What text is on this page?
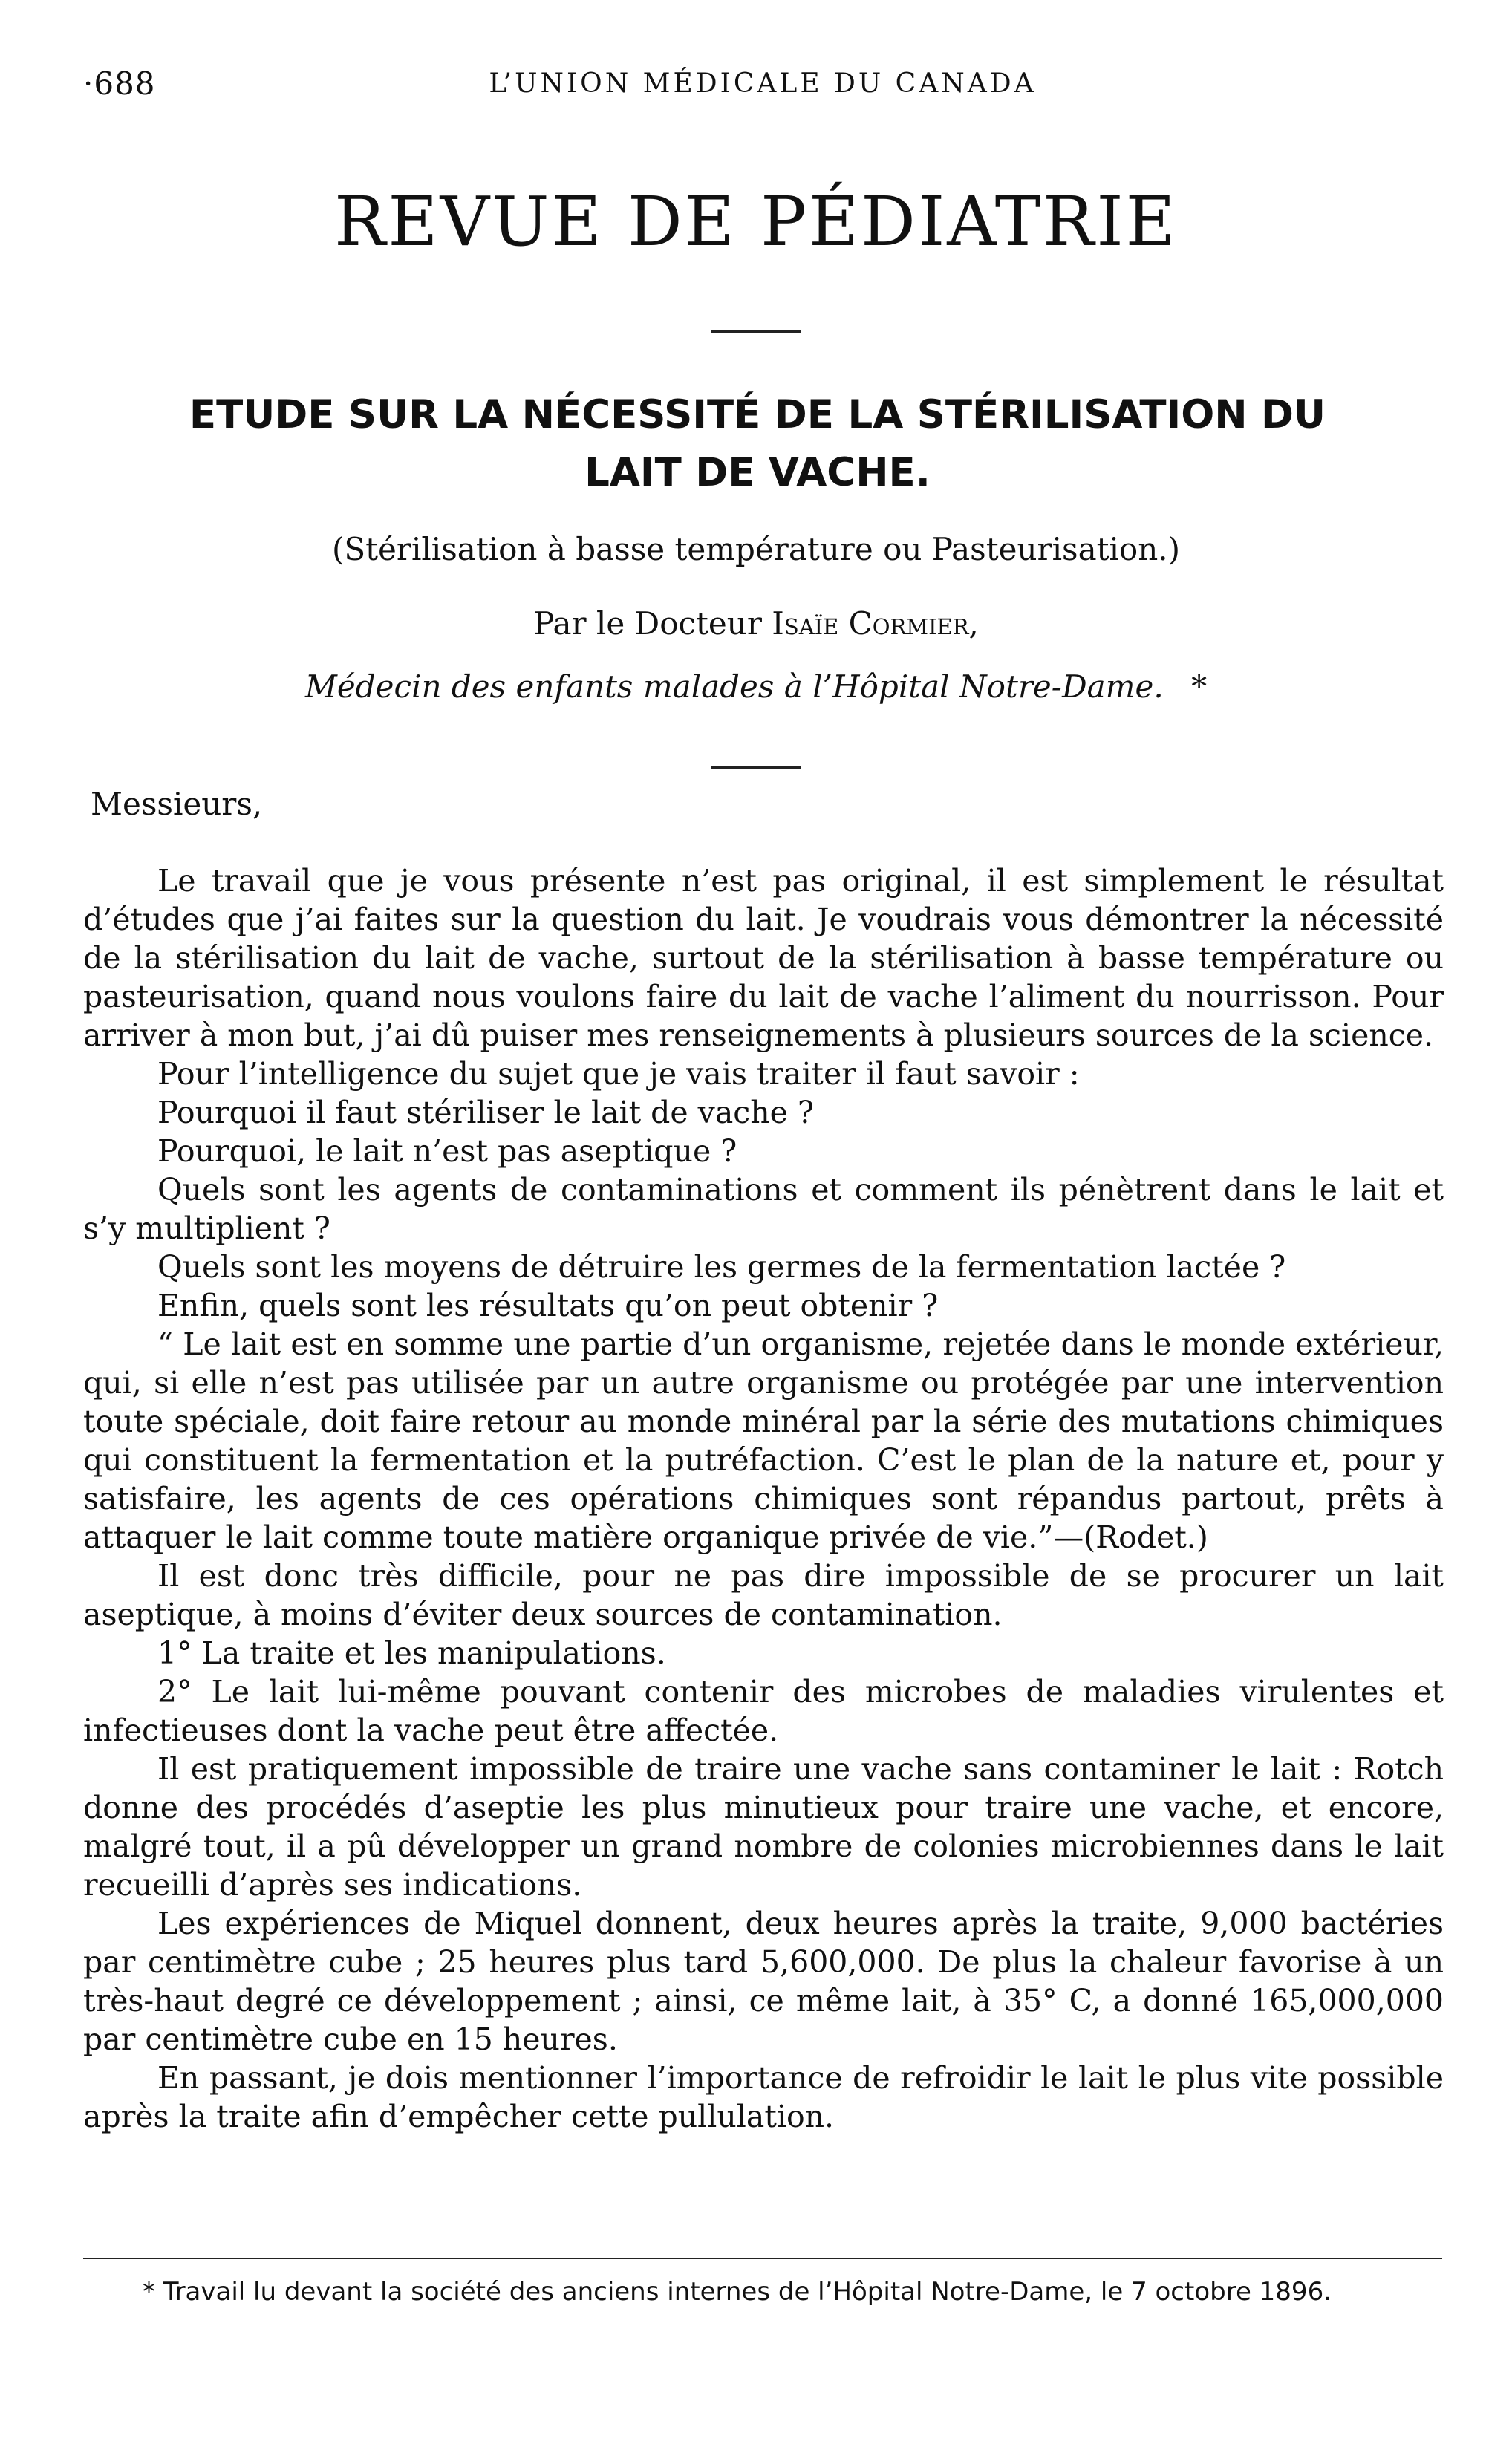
·688	L’UNION MÉDICALE DU CANADA
REVUE DE PÉDIATRIE
ETUDE SUR LA NÉCESSITÉ DE LA STÉRILISATION DU LAIT DE VACHE.
(Stérilisation à basse température ou Pasteurisation.)
Par le Docteur Isaïe Cormier,
Médecin des enfants malades à l’Hôpital Notre-Dame. *
Messieurs,

Le travail que je vous présente n’est pas original, il est simplement le résultat d’études que j’ai faites sur la question du lait. Je voudrais vous démontrer la nécessité de la stérilisation du lait de vache, surtout de la stérilisation à basse température ou pasteurisation, quand nous voulons faire du lait de vache l’aliment du nourrisson. Pour arriver à mon but, j’ai dû puiser mes renseignements à plusieurs sources de la science.

Pour l’intelligence du sujet que je vais traiter il faut savoir :

Pourquoi il faut stériliser le lait de vache ?

Pourquoi, le lait n’est pas aseptique ?

Quels sont les agents de contaminations et comment ils pénètrent dans le lait et s’y multiplient ?

Quels sont les moyens de détruire les germes de la fermentation lactée ?

Enfin, quels sont les résultats qu’on peut obtenir ?

“ Le lait est en somme une partie d’un organisme, rejetée dans le monde extérieur, qui, si elle n’est pas utilisée par un autre organisme ou protégée par une intervention toute spéciale, doit faire retour au monde minéral par la série des mutations chimiques qui constituent la fermentation et la putréfaction. C’est le plan de la nature et, pour y satisfaire, les agents de ces opérations chimiques sont répandus partout, prêts à attaquer le lait comme toute matière organique privée de vie.”—(Rodet.)

Il est donc très difficile, pour ne pas dire impossible de se procurer un lait aseptique, à moins d’éviter deux sources de contamination.

1° La traite et les manipulations.

2° Le lait lui-même pouvant contenir des microbes de maladies virulentes et infectieuses dont la vache peut être affectée.

Il est pratiquement impossible de traire une vache sans contaminer le lait : Rotch donne des procédés d’aseptie les plus minutieux pour traire une vache, et encore, malgré tout, il a pû développer un grand nombre de colonies microbiennes dans le lait recueilli d’après ses indications.

Les expériences de Miquel donnent, deux heures après la traite, 9,000 bactéries par centimètre cube ; 25 heures plus tard 5,600,000. De plus la chaleur favorise à un très-haut degré ce développement ; ainsi, ce même lait, à 35° C, a donné 165,000,000 par centimètre cube en 15 heures.

En passant, je dois mentionner l’importance de refroidir le lait le plus vite possible après la traite afin d’empêcher cette pullulation.

* Travail lu devant la société des anciens internes de l’Hôpital Notre-Dame, le 7 octobre 1896.
